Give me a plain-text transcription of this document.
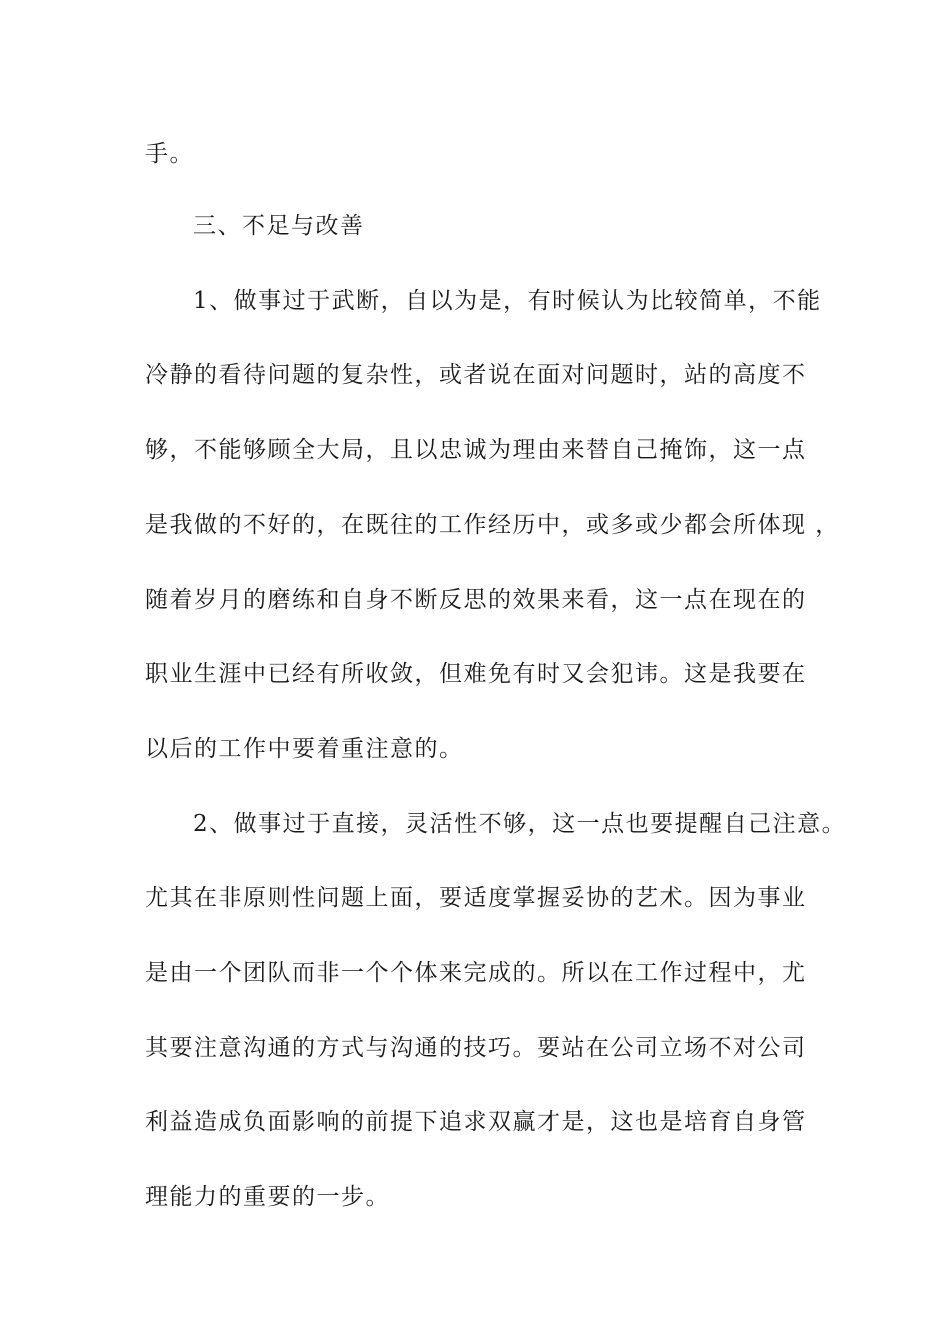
手。
三、不足与改善
1、做事过于武断，自以为是，有时候认为比较简单，不能
冷静的看待问题的复杂性，或者说在面对问题时，站的高度不
够，不能够顾全大局，且以忠诚为理由来替自己掩饰，这一点
是我做的不好的，在既往的工作经历中，或多或少都会所体现 ，
随着岁月的磨练和自身不断反思的效果来看，这一点在现在的
职业生涯中已经有所收敛，但难免有时又会犯讳。这是我要在
以后的工作中要着重注意的。
2、做事过于直接，灵活性不够，这一点也要提醒自己注意。
尤其在非原则性问题上面，要适度掌握妥协的艺术。因为事业
是由一个团队而非一个个体来完成的。所以在工作过程中，尤
其要注意沟通的方式与沟通的技巧。要站在公司立场不对公司
利益造成负面影响的前提下追求双赢才是，这也是培育自身管
理能力的重要的一步。
